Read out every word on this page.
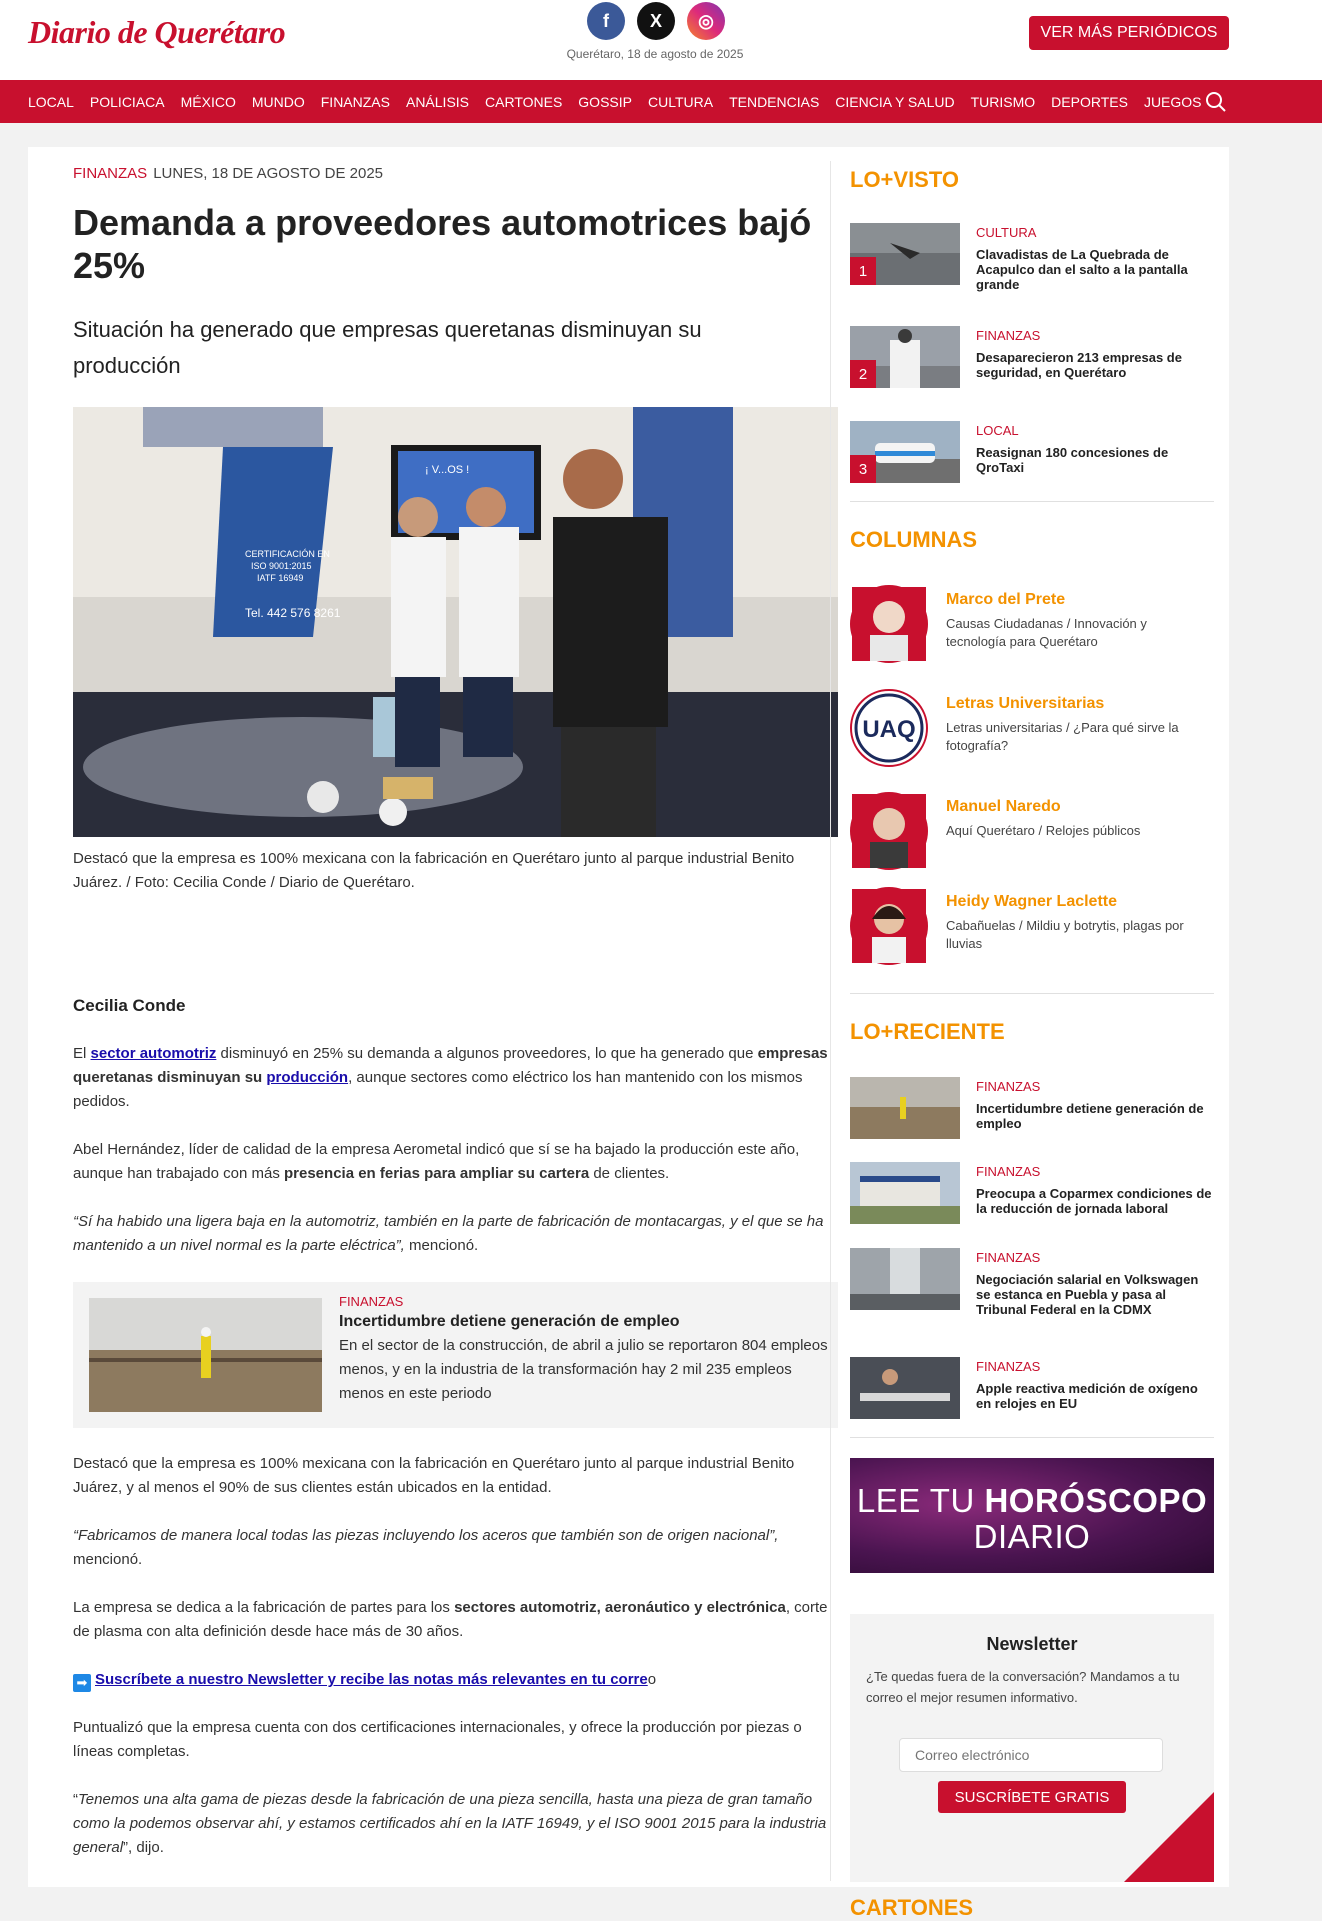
Diario de Querétaro	f	X	◎
Querétaro, 18 de agosto de 2025
VER MÁS PERIÓDICOS
LOCAL POLICIACA MÉXICO MUNDO FINANZAS ANÁLISIS CARTONES GOSSIP CULTURA TENDENCIAS CIENCIA Y SALUD TURISMO DEPORTES JUEGOS
FINANZAS LUNES, 18 DE AGOSTO DE 2025
Demanda a proveedores automotrices bajó 25%
Situación ha generado que empresas queretanas disminuyan su producción
CERTIFICACIÓN EN
ISO 9001:2015
IATF 16949
Tel. 442 576 8261
¡ V...OS !
Destacó que la empresa es 100% mexicana con la fabricación en Querétaro junto al parque industrial Benito Juárez. / Foto: Cecilia Conde / Diario de Querétaro.

Cecilia Conde

El sector automotriz disminuyó en 25% su demanda a algunos proveedores, lo que ha generado que empresas queretanas disminuyan su producción, aunque sectores como eléctrico los han mantenido con los mismos pedidos.

Abel Hernández, líder de calidad de la empresa Aerometal indicó que sí se ha bajado la producción este año, aunque han trabajado con más presencia en ferias para ampliar su cartera de clientes.

“Sí ha habido una ligera baja en la automotriz, también en la parte de fabricación de montacargas, y el que se ha mantenido a un nivel normal es la parte eléctrica”, mencionó.

FINANZAS
Incertidumbre detiene generación de empleo
En el sector de la construcción, de abril a julio se reportaron 804 empleos menos, y en la industria de la transformación hay 2 mil 235 empleos menos en este periodo

Destacó que la empresa es 100% mexicana con la fabricación en Querétaro junto al parque industrial Benito Juárez, y al menos el 90% de sus clientes están ubicados en la entidad.

“Fabricamos de manera local todas las piezas incluyendo los aceros que también son de origen nacional”, mencionó.

La empresa se dedica a la fabricación de partes para los sectores automotriz, aeronáutico y electrónica, corte de plasma con alta definición desde hace más de 30 años.

➡ Suscríbete a nuestro Newsletter y recibe las notas más relevantes en tu correo

Puntualizó que la empresa cuenta con dos certificaciones internacionales, y ofrece la producción por piezas o líneas completas.

“Tenemos una alta gama de piezas desde la fabricación de una pieza sencilla, hasta una pieza de gran tamaño como la podemos observar ahí, y estamos certificados ahí en la IATF 16949, y el ISO 9001 2015 para la industria general”, dijo.

LO+VISTO
1
CULTURA
Clavadistas de La Quebrada de Acapulco dan el salto a la pantalla grande
2
FINANZAS
Desaparecieron 213 empresas de seguridad, en Querétaro
3
LOCAL
Reasignan 180 concesiones de QroTaxi
COLUMNAS
Marco del Prete
Causas Ciudadanas / Innovación y tecnología para Querétaro
UAQ
Letras Universitarias
Letras universitarias / ¿Para qué sirve la fotografía?
Manuel Naredo
Aquí Querétaro / Relojes públicos
Heidy Wagner Laclette
Cabañuelas / Mildiu y botrytis, plagas por lluvias
LO+RECIENTE
FINANZAS
Incertidumbre detiene generación de empleo
FINANZAS
Preocupa a Coparmex condiciones de la reducción de jornada laboral
FINANZAS
Negociación salarial en Volkswagen se estanca en Puebla y pasa al Tribunal Federal en la CDMX
FINANZAS
Apple reactiva medición de oxígeno en relojes en EU
LEE TU HORÓSCOPO
DIARIO
Newsletter
¿Te quedas fuera de la conversación? Mandamos a tu correo el mejor resumen informativo.
Correo electrónico
SUSCRÍBETE GRATIS
CARTONES
